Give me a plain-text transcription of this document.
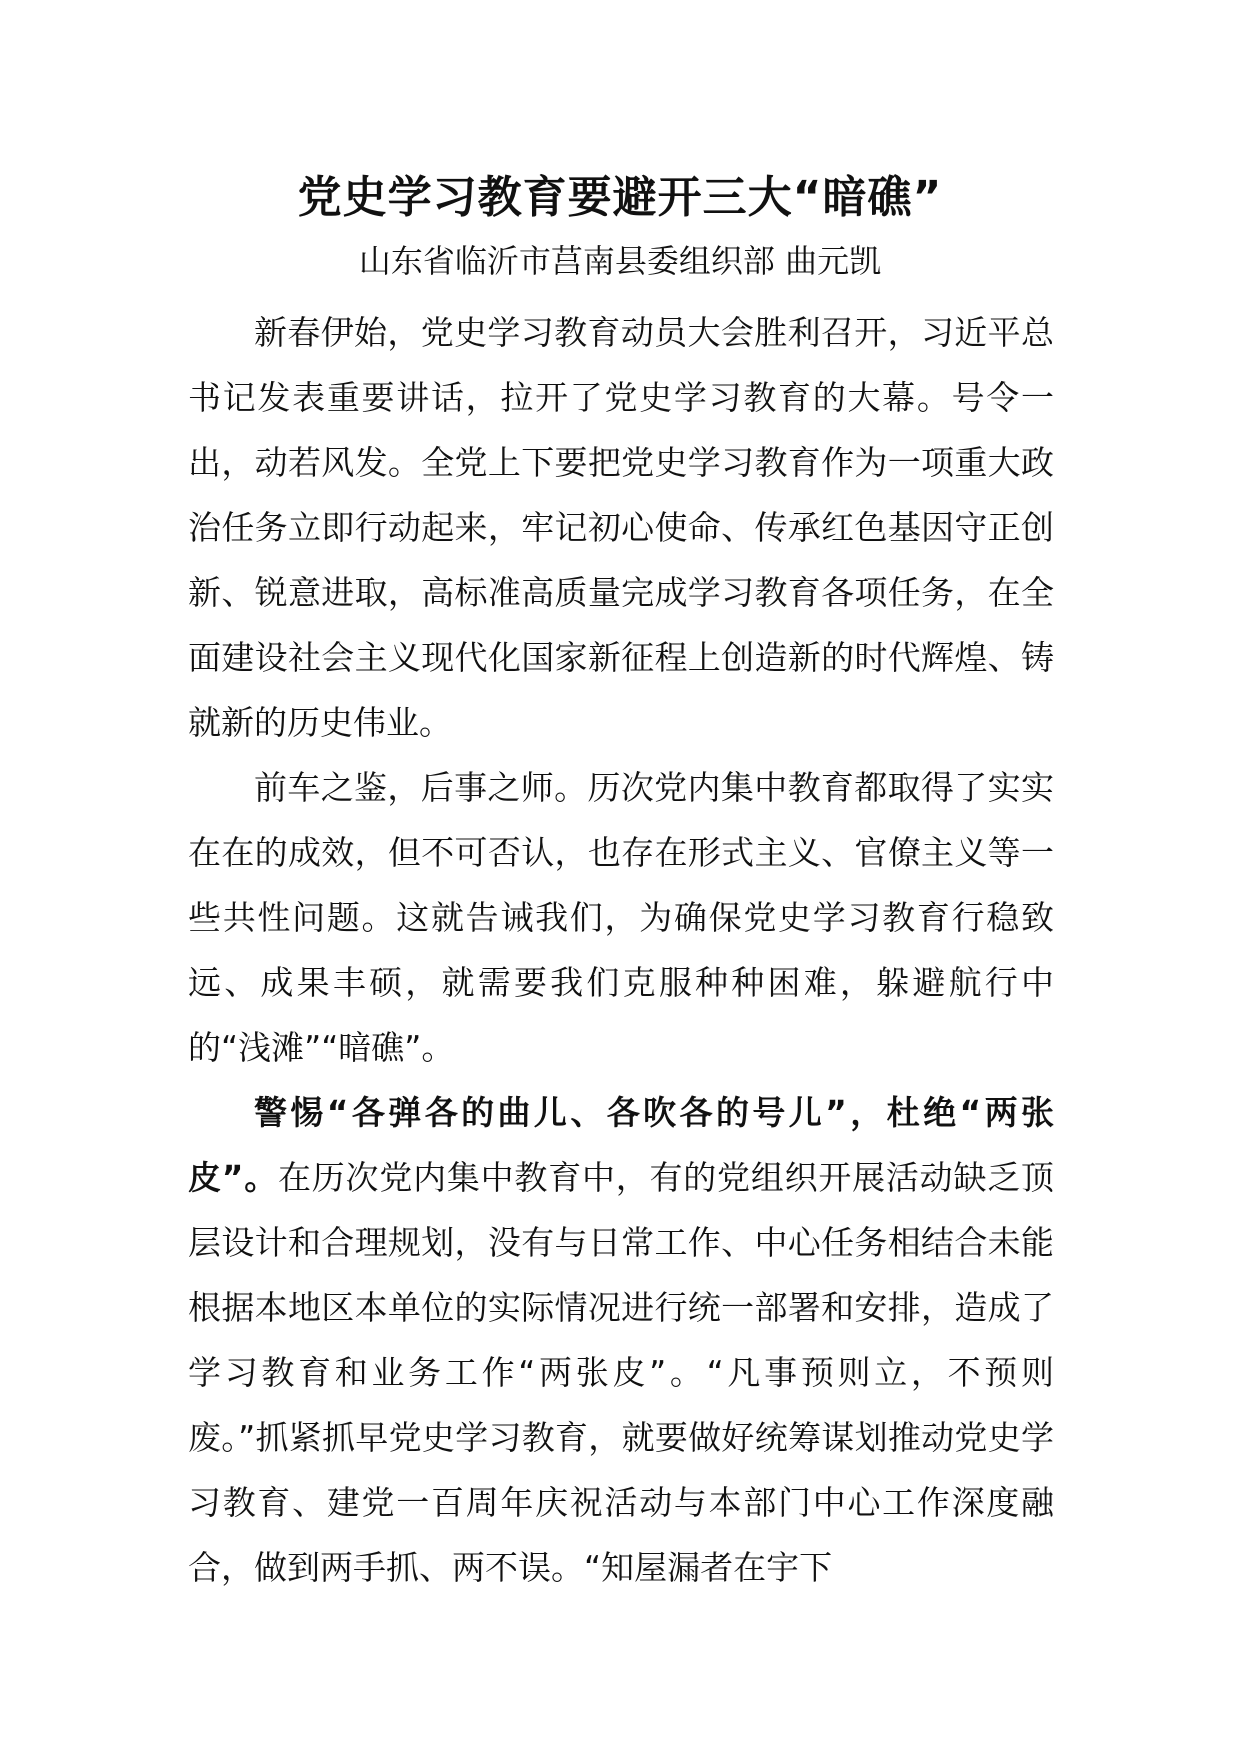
党史学习教育要避开三大“暗礁”
山东省临沂市莒南县委组织部 曲元凯

新春伊始，党史学习教育动员大会胜利召开，习近平总书记发表重要讲话，拉开了党史学习教育的大幕。号令一出，动若风发。全党上下要把党史学习教育作为一项重大政治任务立即行动起来，牢记初心使命、传承红色基因守正创新、锐意进取，高标准高质量完成学习教育各项任务，在全面建设社会主义现代化国家新征程上创造新的时代辉煌、铸就新的历史伟业。

前车之鉴，后事之师。历次党内集中教育都取得了实实在在的成效，但不可否认，也存在形式主义、官僚主义等一些共性问题。这就告诫我们，为确保党史学习教育行稳致远、成果丰硕，就需要我们克服种种困难，躲避航行中的“浅滩”“暗礁”。

警惕“各弹各的曲儿、各吹各的号儿”，杜绝“两张皮”。在历次党内集中教育中，有的党组织开展活动缺乏顶层设计和合理规划，没有与日常工作、中心任务相结合未能根据本地区本单位的实际情况进行统一部署和安排，造成了学习教育和业务工作“两张皮”。“凡事预则立，不预则废。”抓紧抓早党史学习教育，就要做好统筹谋划推动党史学习教育、建党一百周年庆祝活动与本部门中心工作深度融合，做到两手抓、两不误。“知屋漏者在宇下
